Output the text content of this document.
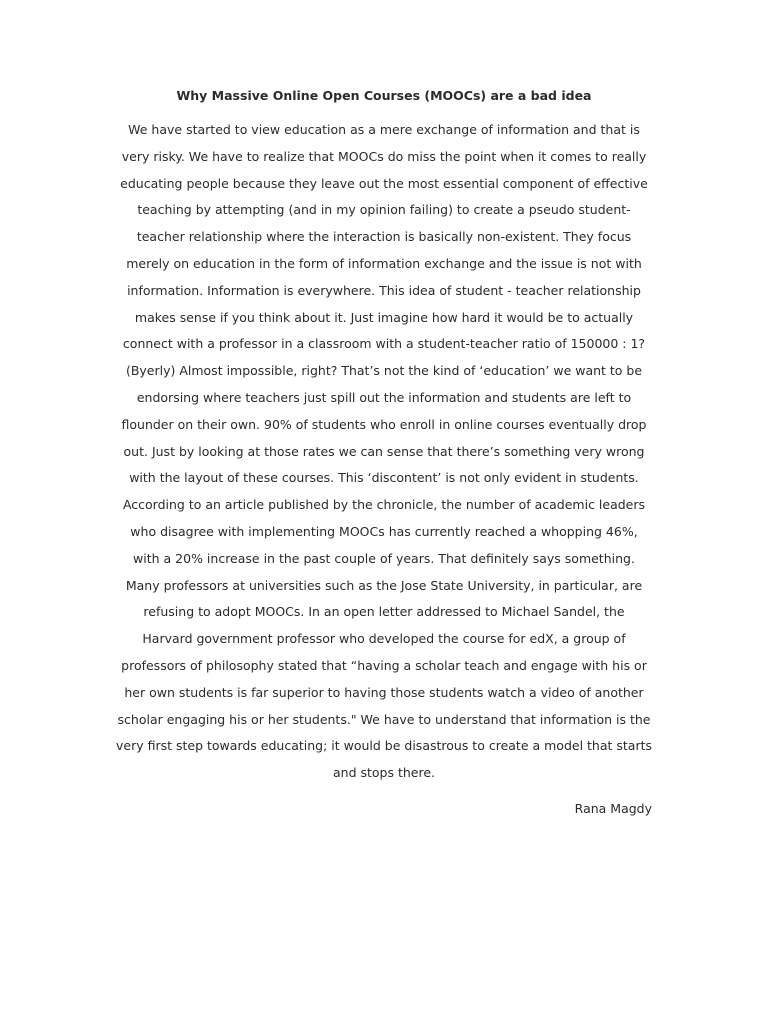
Why Massive Online Open Courses (MOOCs) are a bad idea
We have started to view education as a mere exchange of information and that is
very risky. We have to realize that MOOCs do miss the point when it comes to really
educating people because they leave out the most essential component of effective
teaching by attempting (and in my opinion failing) to create a pseudo student-
teacher relationship where the interaction is basically non-existent. They focus
merely on education in the form of information exchange and the issue is not with
information. Information is everywhere. This idea of student - teacher relationship
makes sense if you think about it. Just imagine how hard it would be to actually
connect with a professor in a classroom with a student-teacher ratio of 150000 : 1?
(Byerly) Almost impossible, right? That’s not the kind of ‘education’ we want to be
endorsing where teachers just spill out the information and students are left to
flounder on their own. 90% of students who enroll in online courses eventually drop
out. Just by looking at those rates we can sense that there’s something very wrong
with the layout of these courses. This ‘discontent’ is not only evident in students.
According to an article published by the chronicle, the number of academic leaders
who disagree with implementing MOOCs has currently reached a whopping 46%,
with a 20% increase in the past couple of years. That definitely says something.
Many professors at universities such as the Jose State University, in particular, are
refusing to adopt MOOCs. In an open letter addressed to Michael Sandel, the
Harvard government professor who developed the course for edX, a group of
professors of philosophy stated that “having a scholar teach and engage with his or
her own students is far superior to having those students watch a video of another
scholar engaging his or her students." We have to understand that information is the
very first step towards educating; it would be disastrous to create a model that starts
and stops there.
Rana Magdy
